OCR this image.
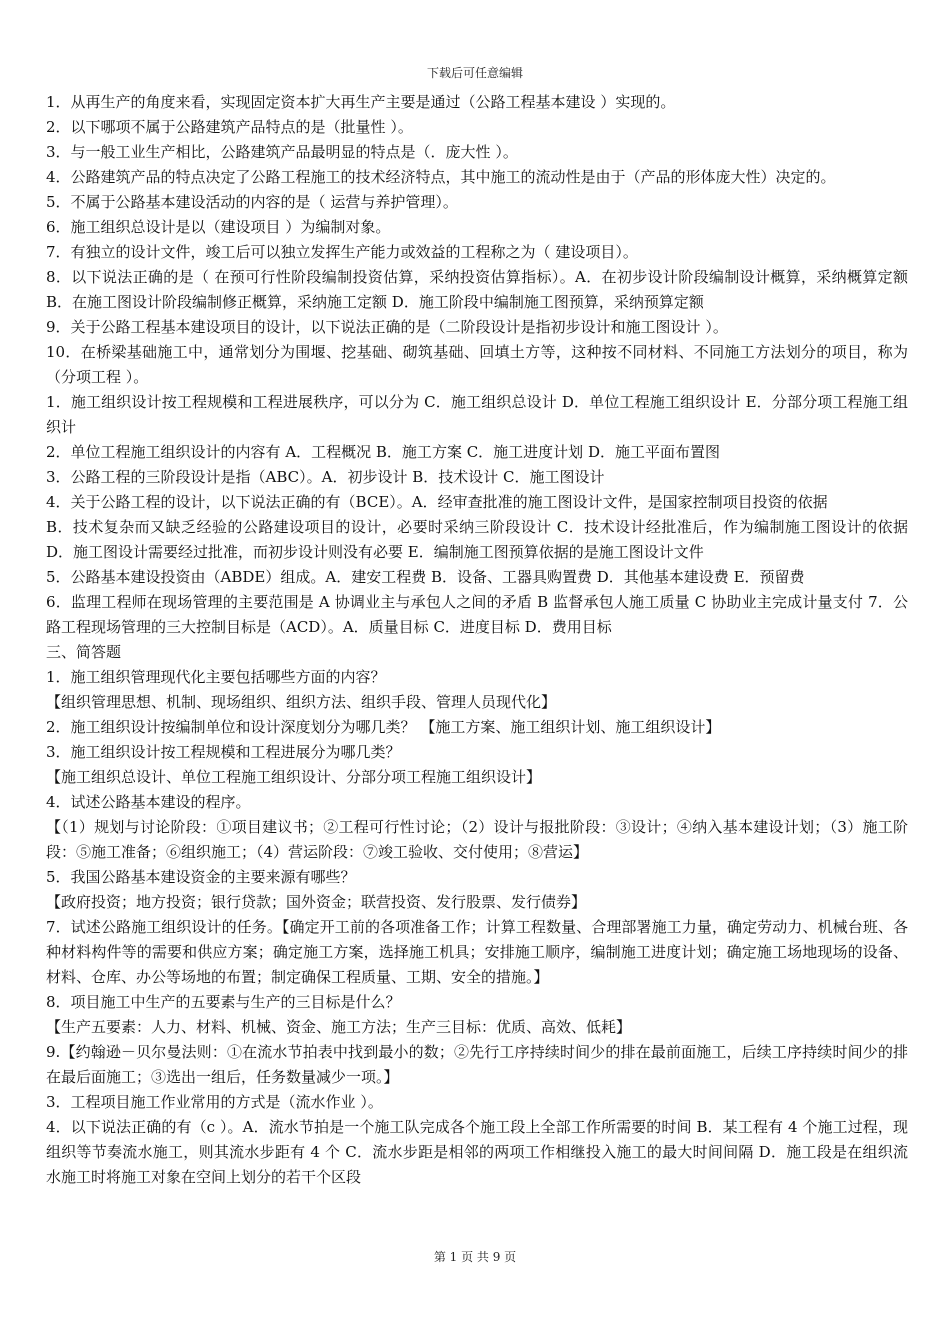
下载后可任意编辑

1．从再生产的角度来看，实现固定资本扩大再生产主要是通过（公路工程基本建设 ）实现的。

2．以下哪项不属于公路建筑产品特点的是（批量性 ）。

3．与一般工业生产相比，公路建筑产品最明显的特点是（．庞大性 ）。

4．公路建筑产品的特点决定了公路工程施工的技术经济特点，其中施工的流动性是由于（产品的形体庞大性）决定的。

5．不属于公路基本建设活动的内容的是（ 运营与养护管理）。

6．施工组织总设计是以（建设项目 ）为编制对象。

7．有独立的设计文件，竣工后可以独立发挥生产能力或效益的工程称之为（ 建设项目）。

8．以下说法正确的是（ 在预可行性阶段编制投资估算，采纳投资估算指标）。A．在初步设计阶段编制设计概算，采纳概算定额 B．在施工图设计阶段编制修正概算，采纳施工定额 D．施工阶段中编制施工图预算，采纳预算定额

9．关于公路工程基本建设项目的设计，以下说法正确的是（二阶段设计是指初步设计和施工图设计 ）。

10．在桥梁基础施工中，通常划分为围堰、挖基础、砌筑基础、回填土方等，这种按不同材料、不同施工方法划分的项目，称为（分项工程 ）。

1．施工组织设计按工程规模和工程进展秩序，可以分为 C．施工组织总设计 D．单位工程施工组织设计 E．分部分项工程施工组织计

2．单位工程施工组织设计的内容有 A．工程概况 B．施工方案 C．施工进度计划 D．施工平面布置图

3．公路工程的三阶段设计是指（ABC）。A．初步设计 B．技术设计 C．施工图设计

4．关于公路工程的设计，以下说法正确的有（BCE）。A．经审查批准的施工图设计文件，是国家控制项目投资的依据

B．技术复杂而又缺乏经验的公路建设项目的设计，必要时采纳三阶段设计 C．技术设计经批准后，作为编制施工图设计的依据 D．施工图设计需要经过批准，而初步设计则没有必要 E．编制施工图预算依据的是施工图设计文件

5．公路基本建设投资由（ABDE）组成。A．建安工程费 B．设备、工器具购置费 D．其他基本建设费 E．预留费

6．监理工程师在现场管理的主要范围是 A 协调业主与承包人之间的矛盾 B 监督承包人施工质量 C 协助业主完成计量支付 7．公路工程现场管理的三大控制目标是（ACD）。A．质量目标 C．进度目标 D．费用目标

三、简答题

1．施工组织管理现代化主要包括哪些方面的内容？

【组织管理思想、机制、现场组织、组织方法、组织手段、管理人员现代化】

2．施工组织设计按编制单位和设计深度划分为哪几类？ 【施工方案、施工组织计划、施工组织设计】

3．施工组织设计按工程规模和工程进展分为哪几类？

【施工组织总设计、单位工程施工组织设计、分部分项工程施工组织设计】

4．试述公路基本建设的程序。

【（1）规划与讨论阶段：①项目建议书；②工程可行性讨论；（2）设计与报批阶段：③设计；④纳入基本建设计划；（3）施工阶段：⑤施工准备；⑥组织施工；（4）营运阶段：⑦竣工验收、交付使用；⑧营运】

5．我国公路基本建设资金的主要来源有哪些？

【政府投资；地方投资；银行贷款；国外资金；联营投资、发行股票、发行债券】

7．试述公路施工组织设计的任务。【确定开工前的各项准备工作；计算工程数量、合理部署施工力量，确定劳动力、机械台班、各种材料构件等的需要和供应方案；确定施工方案，选择施工机具；安排施工顺序，编制施工进度计划；确定施工场地现场的设备、材料、仓库、办公等场地的布置；制定确保工程质量、工期、安全的措施。】

8．项目施工中生产的五要素与生产的三目标是什么？

【生产五要素：人力、材料、机械、资金、施工方法；生产三目标：优质、高效、低耗】

9.【约翰逊－贝尔曼法则：①在流水节拍表中找到最小的数；②先行工序持续时间少的排在最前面施工，后续工序持续时间少的排在最后面施工；③选出一组后，任务数量减少一项。】

3．工程项目施工作业常用的方式是（流水作业 ）。

4．以下说法正确的有（c ）。A．流水节拍是一个施工队完成各个施工段上全部工作所需要的时间 B．某工程有 4 个施工过程，现组织等节奏流水施工，则其流水步距有 4 个 C．流水步距是相邻的两项工作相继投入施工的最大时间间隔 D．施工段是在组织流水施工时将施工对象在空间上划分的若干个区段

第 1 页 共 9 页
